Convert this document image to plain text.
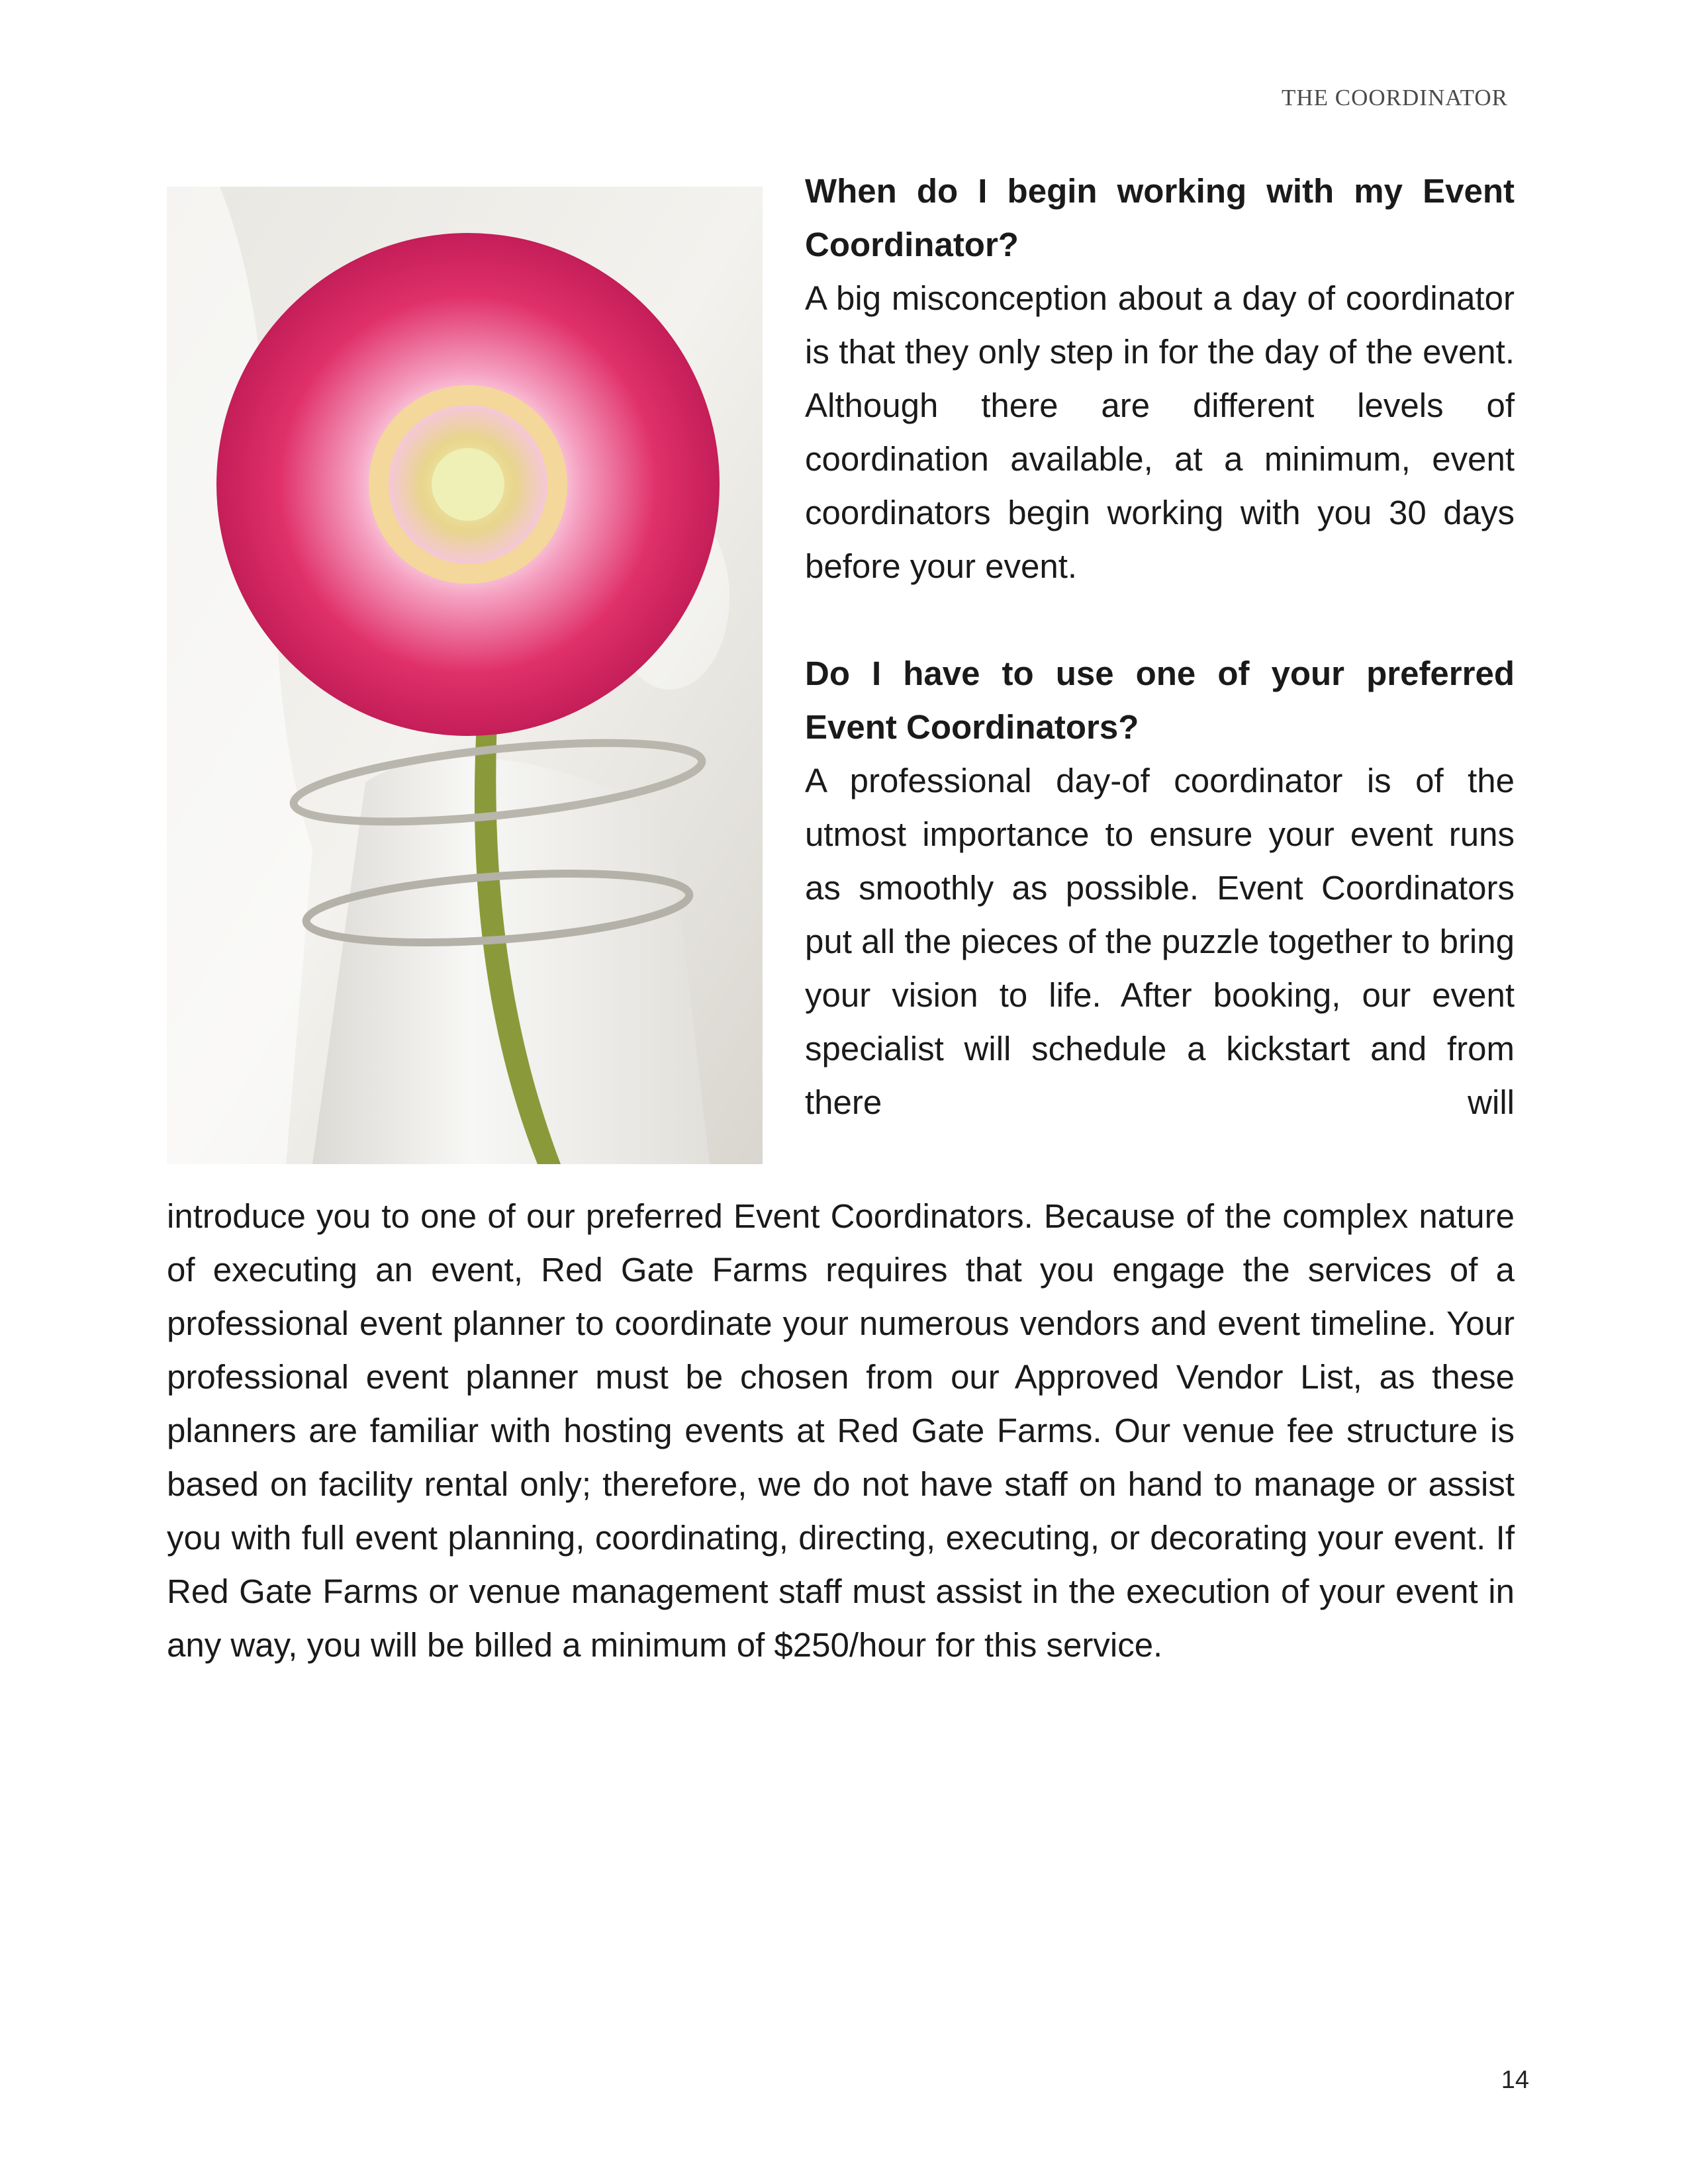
THE COORDINATOR

When do I begin working with my Event Coordinator?

A big misconception about a day of coordinator is that they only step in for the day of the event. Although there are different levels of coordination available, at a minimum, event coordinators begin working with you 30 days before your event.

Do I have to use one of your preferred Event Coordinators?

A professional day-of coordinator is of the utmost importance to ensure your event runs as smoothly as possible. Event Coordinators put all the pieces of the puzzle together to bring your vision to life. After booking, our event specialist will schedule a kickstart and from there will

introduce you to one of our preferred Event Coordinators. Because of the complex nature of executing an event, Red Gate Farms requires that you engage the services of a professional event planner to coordinate your numerous vendors and event timeline. Your professional event planner must be chosen from our Approved Vendor List, as these planners are familiar with hosting events at Red Gate Farms. Our venue fee structure is based on facility rental only; therefore, we do not have staff on hand to manage or assist you with full event planning, coordinating, directing, executing, or decorating your event. If Red Gate Farms or venue management staff must assist in the execution of your event in any way, you will be billed a minimum of $250/hour for this service.

14
